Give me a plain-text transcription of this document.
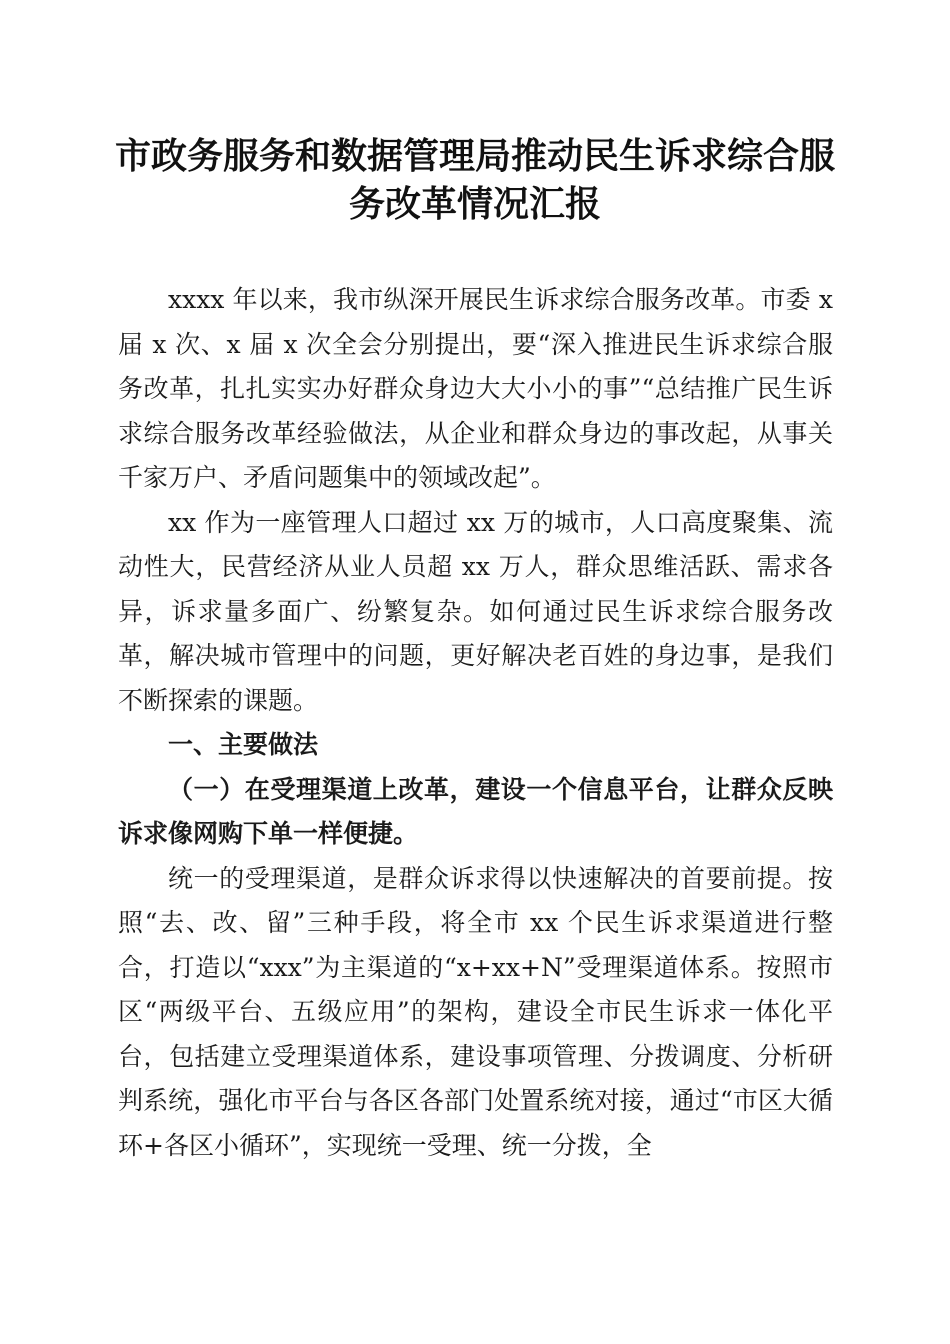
市政务服务和数据管理局推动民生诉求综合服
务改革情况汇报

xxxx 年以来，我市纵深开展民生诉求综合服务改革。市委 x 届 x 次、x 届 x 次全会分别提出，要“深入推进民生诉求综合服务改革，扎扎实实办好群众身边大大小小的事”“总结推广民生诉求综合服务改革经验做法，从企业和群众身边的事改起，从事关千家万户、矛盾问题集中的领域改起”。

xx 作为一座管理人口超过 xx 万的城市，人口高度聚集、流动性大，民营经济从业人员超 xx 万人，群众思维活跃、需求各异，诉求量多面广、纷繁复杂。如何通过民生诉求综合服务改革，解决城市管理中的问题，更好解决老百姓的身边事，是我们不断探索的课题。

一、主要做法

（一）在受理渠道上改革，建设一个信息平台，让群众反映诉求像网购下单一样便捷。

统一的受理渠道，是群众诉求得以快速解决的首要前提。按照“去、改、留”三种手段，将全市 xx 个民生诉求渠道进行整合，打造以“xxx”为主渠道的“x+xx+N”受理渠道体系。按照市区“两级平台、五级应用”的架构，建设全市民生诉求一体化平台，包括建立受理渠道体系，建设事项管理、分拨调度、分析研判系统，强化市平台与各区各部门处置系统对接，通过“市区大循环+各区小循环”，实现统一受理、统一分拨，全
